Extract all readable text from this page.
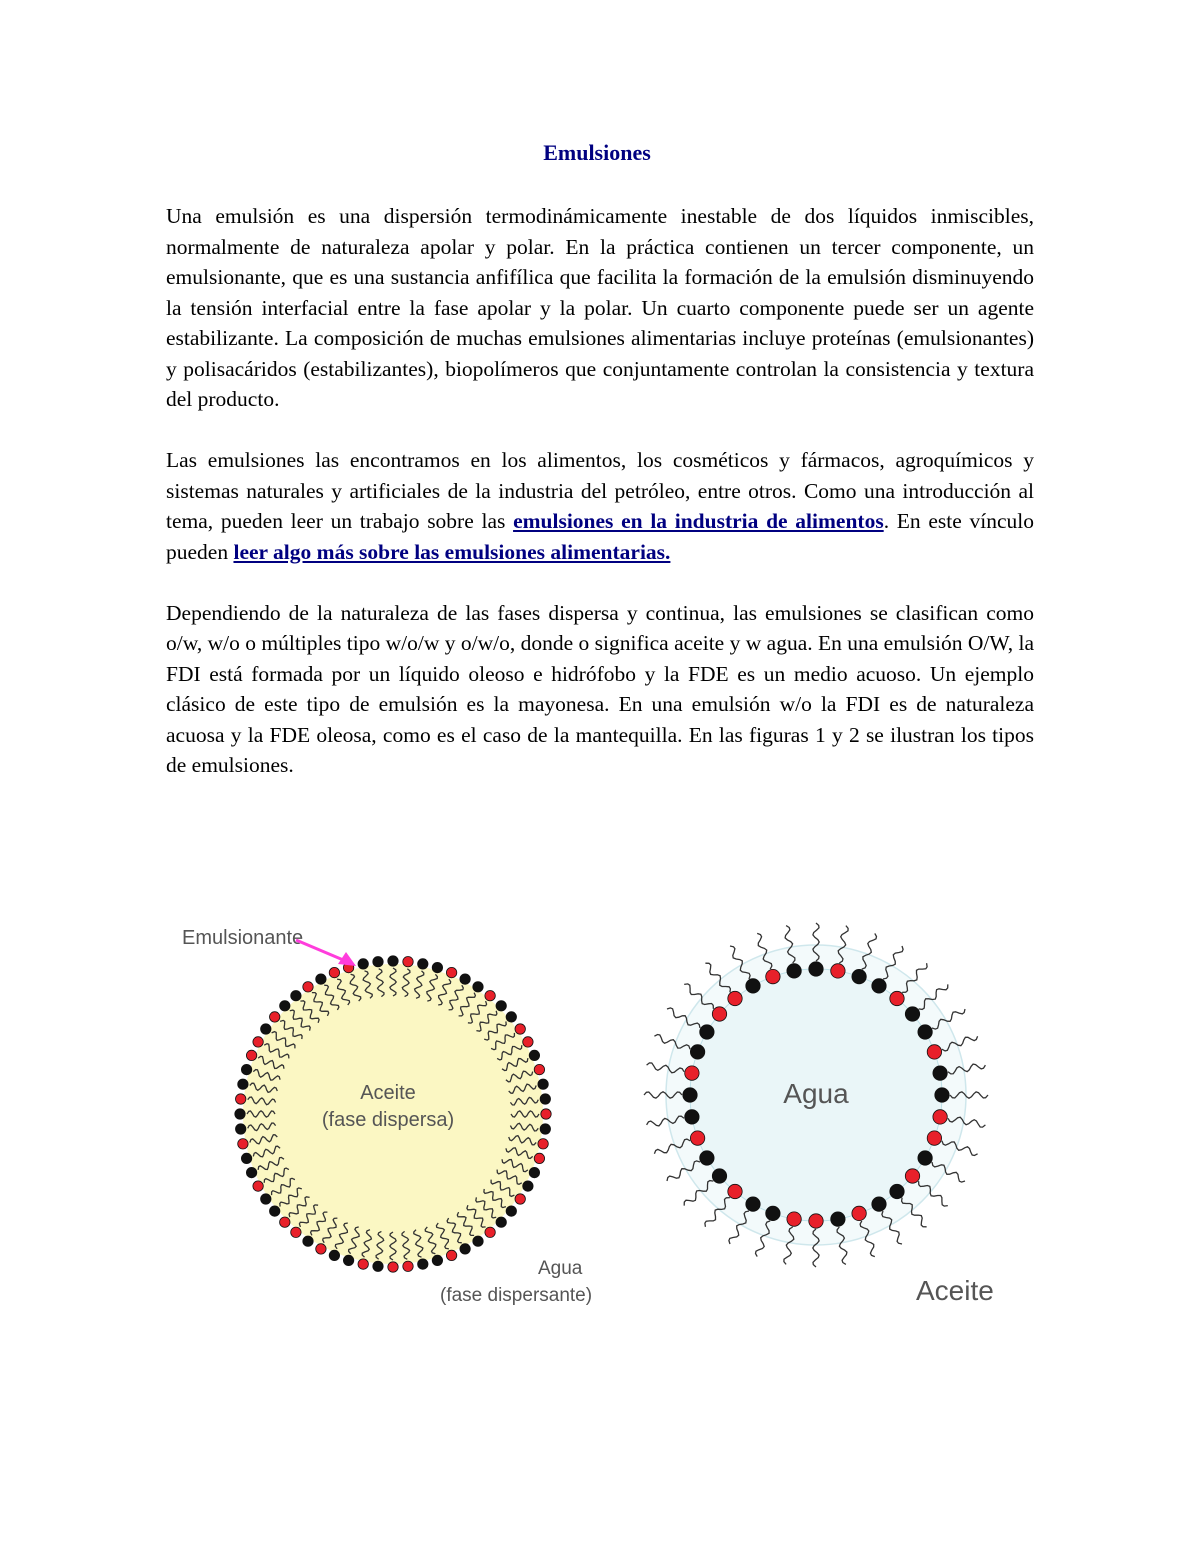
Emulsiones

Una emulsión es una dispersión termodinámicamente inestable de dos líquidos inmiscibles, normalmente de naturaleza apolar y polar. En la práctica contienen un tercer componente, un emulsionante, que es una sustancia anfifílica que facilita la formación de la emulsión disminuyendo la tensión interfacial entre la fase apolar y la polar. Un cuarto componente puede ser un agente estabilizante. La composición de muchas emulsiones alimentarias incluye proteínas (emulsionantes) y polisacáridos (estabilizantes), biopolímeros que conjuntamente controlan la consistencia y textura del producto.

Las emulsiones las encontramos en los alimentos, los cosméticos y fármacos, agroquímicos y sistemas naturales y artificiales de la industria del petróleo, entre otros. Como una introducción al tema, pueden leer un trabajo sobre las emulsiones en la industria de alimentos. En este vínculo pueden leer algo más sobre las emulsiones alimentarias.

Dependiendo de la naturaleza de las fases dispersa y continua, las emulsiones se clasifican como o/w, w/o o múltiples tipo w/o/w y o/w/o, donde o significa aceite y w agua. En una emulsión O/W, la FDI está formada por un líquido oleoso e hidrófobo y la FDE es un medio acuoso. Un ejemplo clásico de este tipo de emulsión es la mayonesa. En una emulsión w/o la FDI es de naturaleza acuosa y la FDE oleosa, como es el caso de la mantequilla. En las figuras 1 y 2 se ilustran los tipos de emulsiones.

Emulsionante
Aceite
(fase dispersa)
Agua
(fase dispersante)
Agua
Aceite
